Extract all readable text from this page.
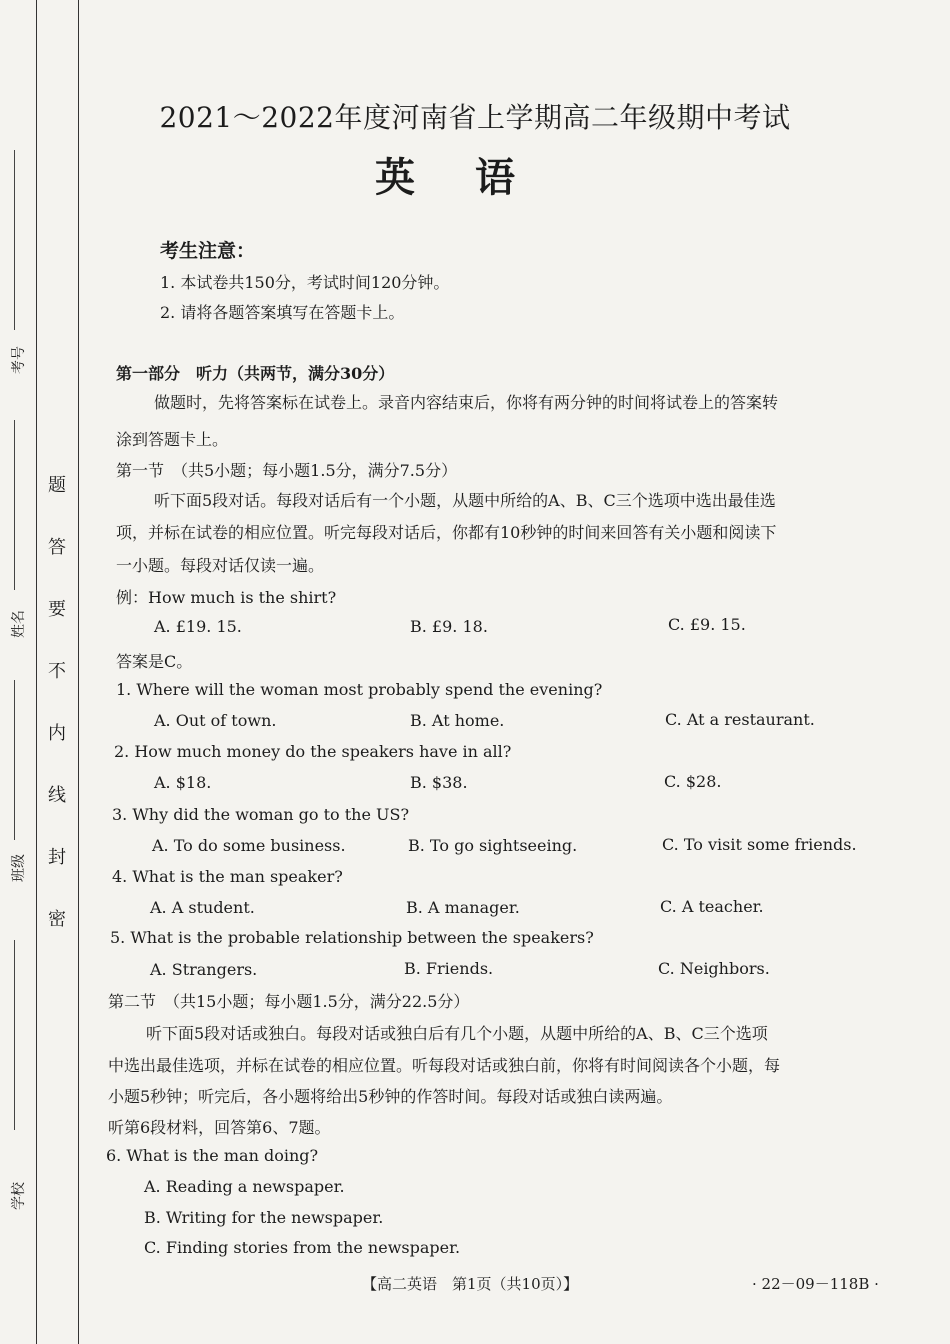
考号
姓名
班级
学校
题
答
要
不
内
线
封
密
2021～2022年度河南省上学期高二年级期中考试
英语
考生注意：
1. 本试卷共150分，考试时间120分钟。
2. 请将各题答案填写在答题卡上。
第一部分　听力（共两节，满分30分）
做题时，先将答案标在试卷上。录音内容结束后，你将有两分钟的时间将试卷上的答案转
涂到答题卡上。
第一节　（共5小题；每小题1.5分，满分7.5分）
听下面5段对话。每段对话后有一个小题，从题中所给的A、B、C三个选项中选出最佳选
项，并标在试卷的相应位置。听完每段对话后，你都有10秒钟的时间来回答有关小题和阅读下
一小题。每段对话仅读一遍。
例：How much is the shirt?
A. £19. 15.	B. £9. 18.	C. £9. 15.
答案是C。
1. Where will the woman most probably spend the evening?
A. Out of town.	B. At home.	C. At a restaurant.
2. How much money do the speakers have in all?
A. $18.	B. $38.	C. $28.
3. Why did the woman go to the US?
A. To do some business.	B. To go sightseeing.	C. To visit some friends.
4. What is the man speaker?
A. A student.	B. A manager.	C. A teacher.
5. What is the probable relationship between the speakers?
A. Strangers.	B. Friends.	C. Neighbors.
第二节　（共15小题；每小题1.5分，满分22.5分）
听下面5段对话或独白。每段对话或独白后有几个小题，从题中所给的A、B、C三个选项
中选出最佳选项，并标在试卷的相应位置。听每段对话或独白前，你将有时间阅读各个小题，每
小题5秒钟；听完后，各小题将给出5秒钟的作答时间。每段对话或独白读两遍。
听第6段材料，回答第6、7题。
6. What is the man doing?
A. Reading a newspaper.
B. Writing for the newspaper.
C. Finding stories from the newspaper.
【高二英语　第1页（共10页）】	· 22－09－118B ·
